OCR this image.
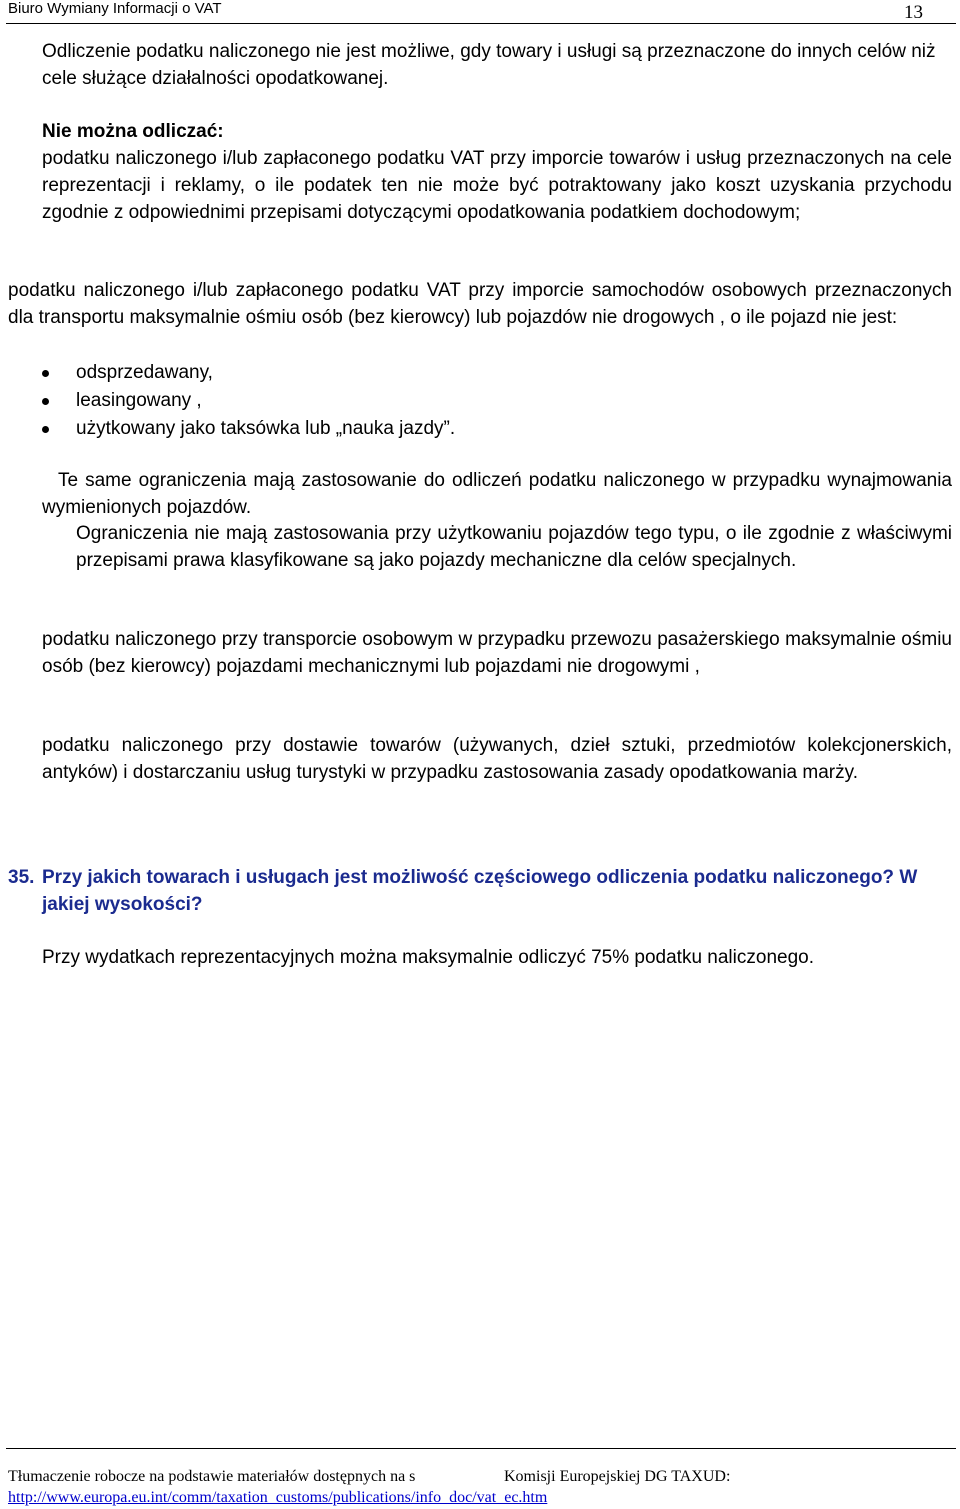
Biuro Wymiany Informacji o VAT	13

Odliczenie podatku naliczonego nie jest możliwe, gdy towary i usługi są przeznaczone do innych celów niż cele służące działalności opodatkowanej.

Nie można odliczać:

podatku naliczonego i/lub zapłaconego podatku VAT przy imporcie towarów i usług przeznaczonych na cele reprezentacji i reklamy, o ile podatek ten nie może być potraktowany jako koszt uzyskania przychodu zgodnie z odpowiednimi przepisami dotyczącymi opodatkowania podatkiem dochodowym;

podatku naliczonego i/lub zapłaconego podatku VAT przy imporcie samochodów osobowych przeznaczonych dla transportu maksymalnie ośmiu osób (bez kierowcy) lub pojazdów nie drogowych , o ile pojazd nie jest:

odsprzedawany,
leasingowany ,
użytkowany jako taksówka lub „nauka jazdy”.

Te same ograniczenia mają zastosowanie do odliczeń podatku naliczonego w przypadku wynajmowania wymienionych pojazdów.

Ograniczenia nie mają zastosowania przy użytkowaniu pojazdów tego typu, o ile zgodnie z właściwymi przepisami prawa klasyfikowane są jako pojazdy mechaniczne dla celów specjalnych.

podatku naliczonego przy transporcie osobowym w przypadku przewozu pasażerskiego maksymalnie ośmiu osób (bez kierowcy) pojazdami mechanicznymi lub pojazdami nie drogowymi ,

podatku naliczonego przy dostawie towarów (używanych, dzieł sztuki, przedmiotów kolekcjonerskich, antyków) i dostarczaniu usług turystyki w przypadku zastosowania zasady opodatkowania marży.

35. Przy jakich towarach i usługach jest możliwość częściowego odliczenia podatku naliczonego? W jakiej wysokości?

Przy wydatkach reprezentacyjnych można maksymalnie odliczyć 75% podatku naliczonego.

Tłumaczenie robocze na podstawie materiałów dostępnych na s	Komisji Europejskiej DG TAXUD:
http://www.europa.eu.int/comm/taxation_customs/publications/info_doc/vat_ec.htm
